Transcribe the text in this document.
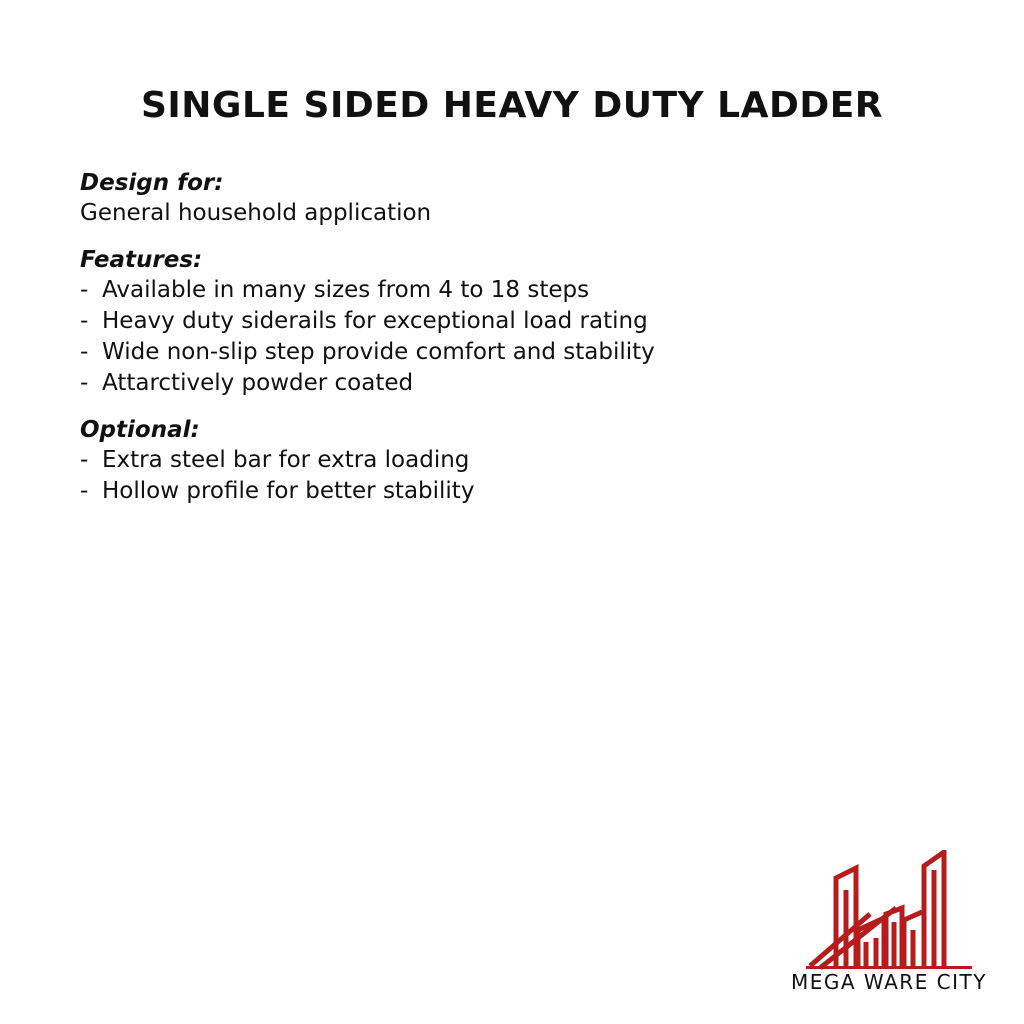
SINGLE SIDED HEAVY DUTY LADDER

Design for:

General household application

Features:

- Available in many sizes from 4 to 18 steps
- Heavy duty siderails for exceptional load rating
- Wide non-slip step provide comfort and stability
- Attarctively powder coated

Optional:

- Extra steel bar for extra loading
- Hollow profile for better stability
MEGA WARE CITY
